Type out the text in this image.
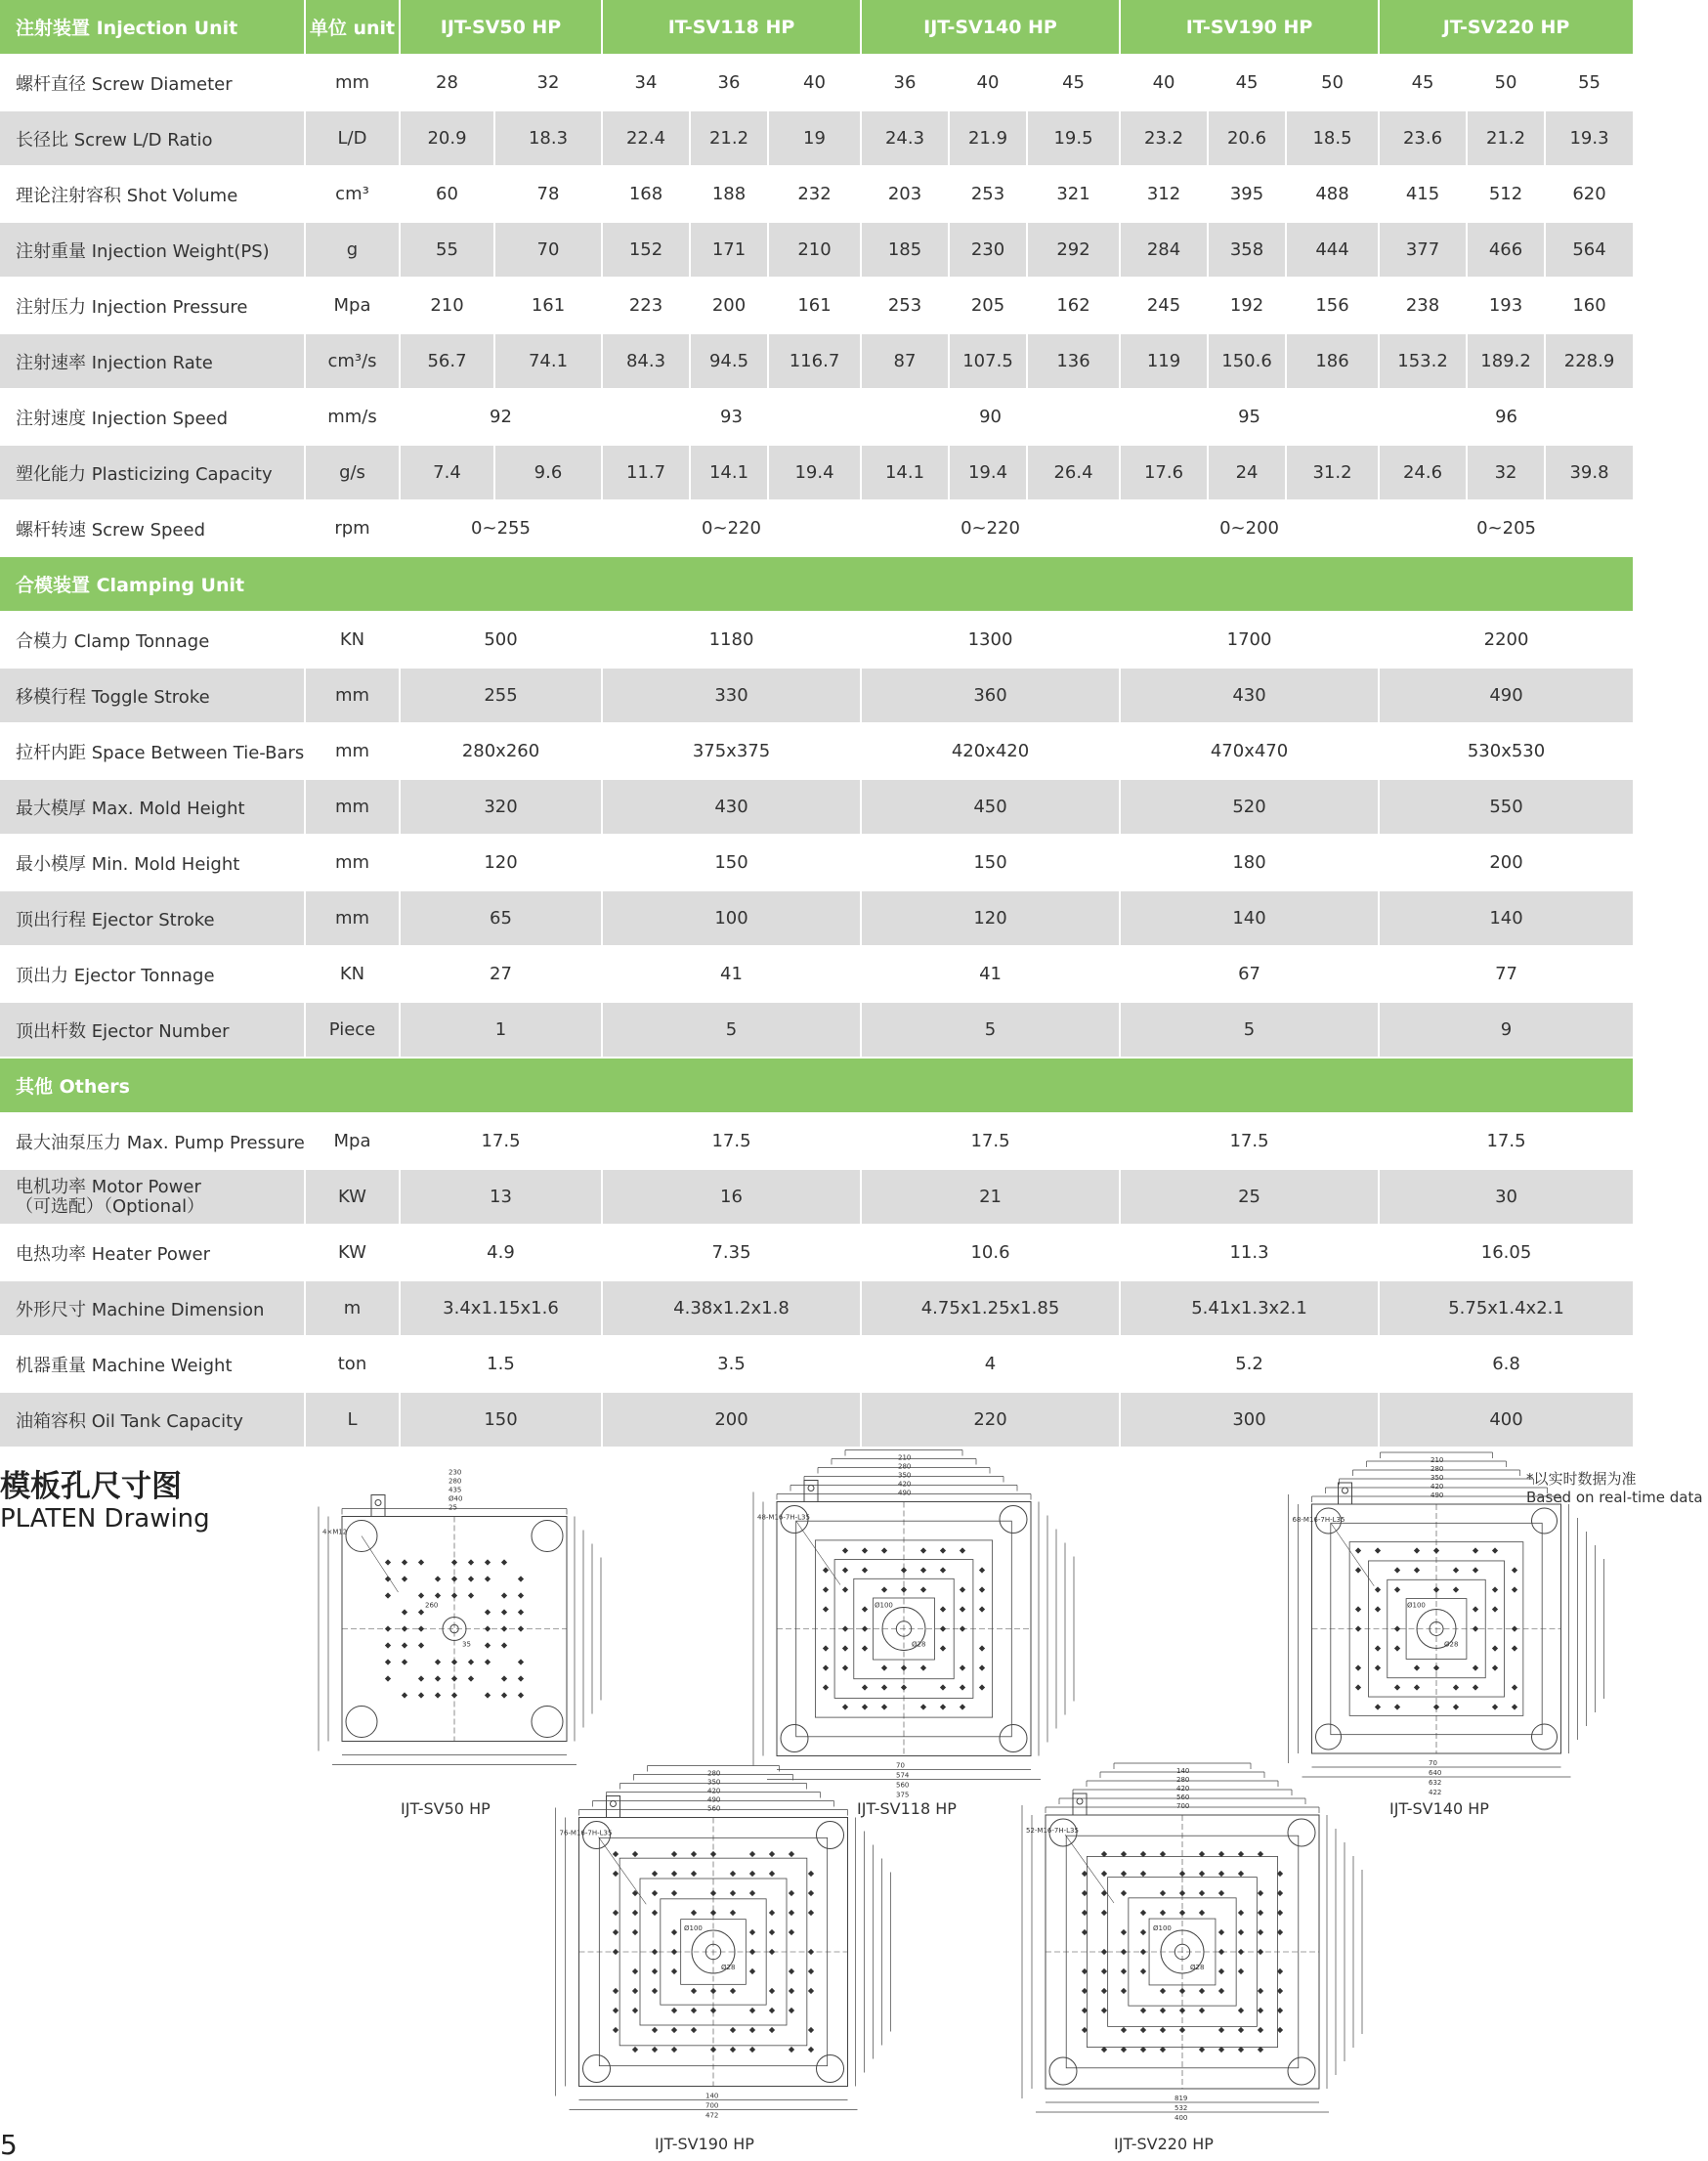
注射装置 Injection Unit	单位 unit	IJT-SV50 HP		IT-SV118 HP			IJT-SV140 HP			IT-SV190 HP			JT-SV220 HP		
螺杆直径 Screw Diameter	mm	28	32	34	36	40	36	40	45	40	45	50	45	50	55
长径比 Screw L/D Ratio	L/D	20.9	18.3	22.4	21.2	19	24.3	21.9	19.5	23.2	20.6	18.5	23.6	21.2	19.3
理论注射容积 Shot Volume	cm³	60	78	168	188	232	203	253	321	312	395	488	415	512	620
注射重量 Injection Weight(PS)	g	55	70	152	171	210	185	230	292	284	358	444	377	466	564
注射压力 Injection Pressure	Mpa	210	161	223	200	161	253	205	162	245	192	156	238	193	160
注射速率 Injection Rate	cm³/s	56.7	74.1	84.3	94.5	116.7	87	107.5	136	119	150.6	186	153.2	189.2	228.9
注射速度 Injection Speed	mm/s	92		93			90			95			96		
塑化能力 Plasticizing Capacity	g/s	7.4	9.6	11.7	14.1	19.4	14.1	19.4	26.4	17.6	24	31.2	24.6	32	39.8
螺杆转速 Screw Speed	rpm	0~255		0~220			0~220			0~200			0~205		
合模装置 Clamping Unit															
合模力 Clamp Tonnage	KN	500		1180			1300			1700			2200		
移模行程 Toggle Stroke	mm	255		330			360			430			490		
拉杆内距 Space Between Tie-Bars	mm	280x260		375x375			420x420			470x470			530x530		
最大模厚 Max. Mold Height	mm	320		430			450			520			550		
最小模厚 Min. Mold Height	mm	120		150			150			180			200		
顶出行程 Ejector Stroke	mm	65		100			120			140			140		
顶出力 Ejector Tonnage	KN	27		41			41			67			77		
顶出杆数 Ejector Number	Piece	1		5			5			5			9		
其他 Others															
最大油泵压力 Max. Pump Pressure	Mpa	17.5		17.5			17.5			17.5			17.5		
电机功率 Motor Power
（可选配）（Optional）	KW	13		16			21			25			30		
电热功率 Heater Power	KW	4.9		7.35			10.6			11.3			16.05		
外形尺寸 Machine Dimension	m	3.4x1.15x1.6		4.38x1.2x1.8			4.75x1.25x1.85			5.41x1.3x2.1			5.75x1.4x2.1		
机器重量 Machine Weight	ton	1.5		3.5			4			5.2			6.8		
油箱容积 Oil Tank Capacity	L	150		200			220			300			400		
模板孔尺寸图
PLATEN Drawing
*以实时数据为准
Based on real-time data
4×M12
25
Ø40
435
280
230
260
35
IJT-SV50 HP
48-M16-7H-L35
490
420
350
280
210
70
574
560
375
Ø100
Ø28
IJT-SV118 HP
68-M16-7H-L35
490
420
350
280
210
70
640
632
422
Ø100
Ø28
IJT-SV140 HP
76-M16-7H-L35
560
490
420
350
280
140
700
472
Ø100
Ø28
IJT-SV190 HP
52-M16-7H-L35
700
560
420
280
140
819
532
400
Ø100
Ø28
IJT-SV220 HP
5
